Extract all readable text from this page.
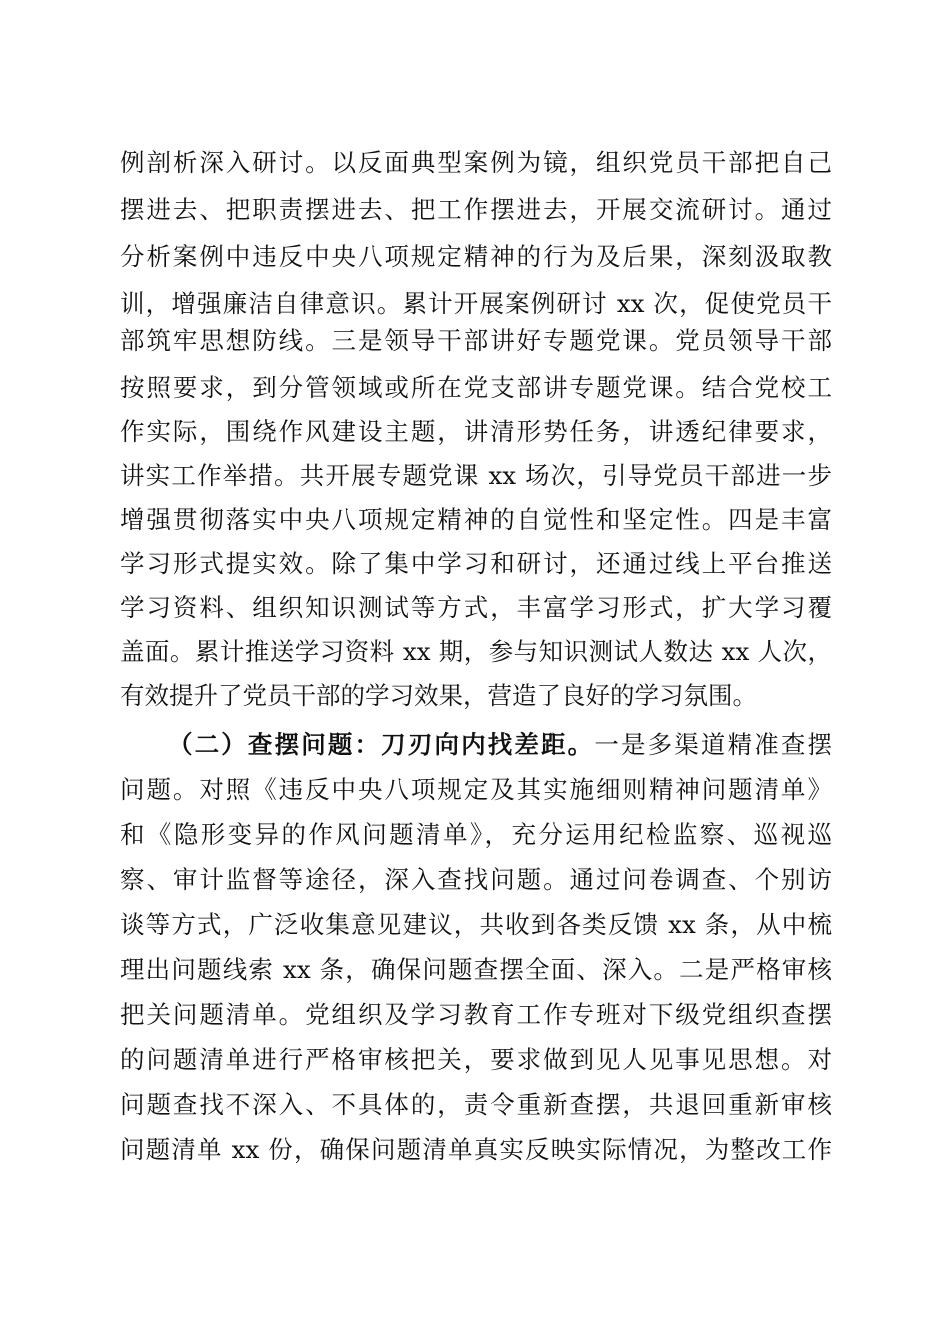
例剖析深入研讨。以反面典型案例为镜，组织党员干部把自己
摆进去、把职责摆进去、把工作摆进去，开展交流研讨。通过
分析案例中违反中央八项规定精神的行为及后果，深刻汲取教
训，增强廉洁自律意识。累计开展案例研讨 xx 次，促使党员干
部筑牢思想防线。三是领导干部讲好专题党课。党员领导干部
按照要求，到分管领域或所在党支部讲专题党课。结合党校工
作实际，围绕作风建设主题，讲清形势任务，讲透纪律要求，
讲实工作举措。共开展专题党课 xx 场次，引导党员干部进一步
增强贯彻落实中央八项规定精神的自觉性和坚定性。四是丰富
学习形式提实效。除了集中学习和研讨，还通过线上平台推送
学习资料、组织知识测试等方式，丰富学习形式，扩大学习覆
盖面。累计推送学习资料 xx 期，参与知识测试人数达 xx 人次，
有效提升了党员干部的学习效果，营造了良好的学习氛围。
（二）查摆问题：刀刃向内找差距。一是多渠道精准查摆
问题。对照《违反中央八项规定及其实施细则精神问题清单》
和《隐形变异的作风问题清单》，充分运用纪检监察、巡视巡
察、审计监督等途径，深入查找问题。通过问卷调查、个别访
谈等方式，广泛收集意见建议，共收到各类反馈 xx 条，从中梳
理出问题线索 xx 条，确保问题查摆全面、深入。二是严格审核
把关问题清单。党组织及学习教育工作专班对下级党组织查摆
的问题清单进行严格审核把关，要求做到见人见事见思想。对
问题查找不深入、不具体的，责令重新查摆，共退回重新审核
问题清单 xx 份，确保问题清单真实反映实际情况，为整改工作
